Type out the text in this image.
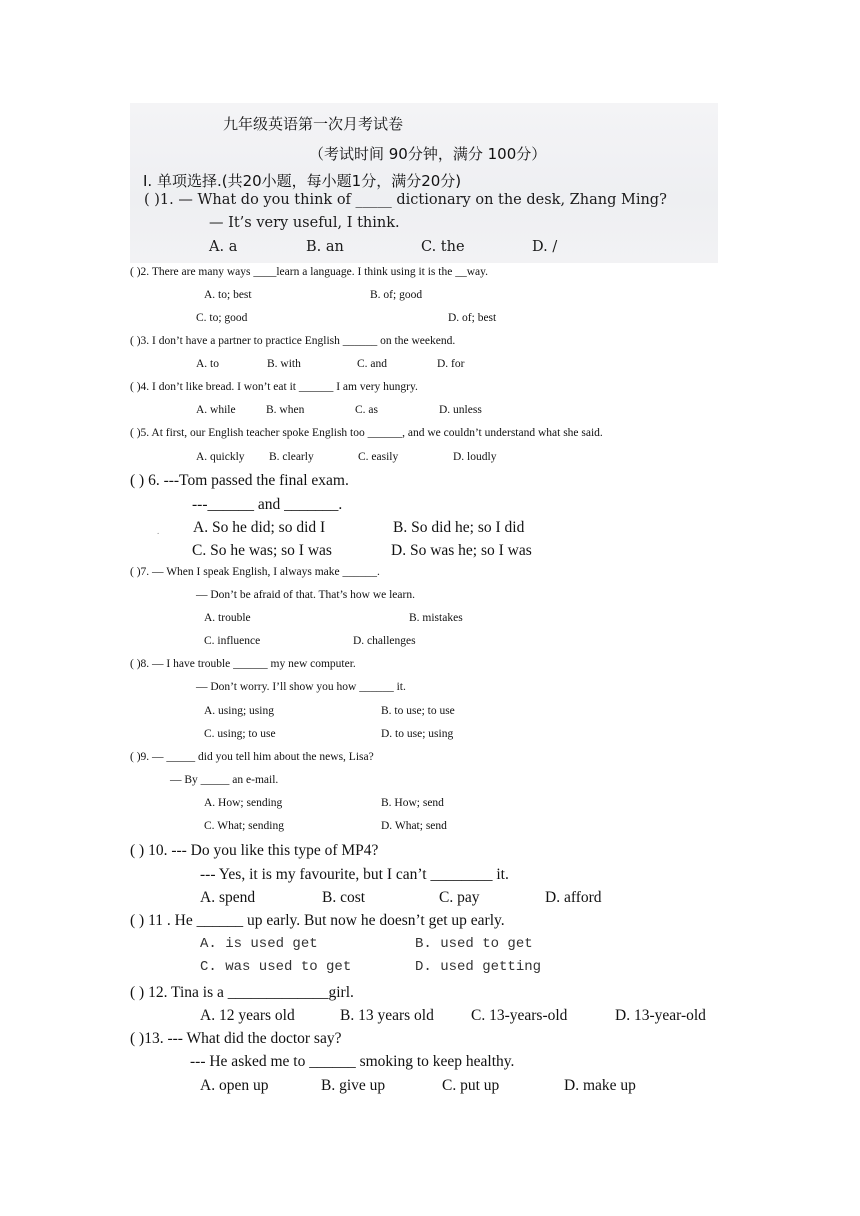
九年级英语第一次月考试卷
（考试时间 90分钟，满分 100分）
I. 单项选择.(共20小题，每小题1分，满分20分)
( )1. — What do you think of _____ dictionary on the desk, Zhang Ming?
— It’s very useful, I think.
A. a	B. an	C. the	D. /
( )2. There are many ways ____learn a language. I think using it is the __way.
A. to; best	B. of; good
C. to; good	D. of; best
( )3. I don’t have a partner to practice English ______ on the weekend.
A. to	B. with	C. and	D. for
( )4. I don’t like bread. I won’t eat it ______ I am very hungry.
A. while	B. when	C. as	D. unless
( )5. At first, our English teacher spoke English too ______, and we couldn’t understand what she said.
A. quickly B. clearly	C. easily	D. loudly
( ) 6. ---Tom passed the final exam.
---______ and _______.
. A. So he did; so did I	B. So did he; so I did
C. So he was; so I was	D. So was he; so I was
( )7. — When I speak English, I always make ______.
— Don’t be afraid of that. That’s how we learn.
A. trouble	B. mistakes
C. influence	D. challenges
( )8. — I have trouble ______ my new computer.
— Don’t worry. I’ll show you how ______ it.
A. using; using	B. to use; to use
C. using; to use	D. to use; using
( )9. — _____ did you tell him about the news, Lisa?
— By _____ an e-mail.
A. How; sending	B. How; send
C. What; sending	D. What; send
( ) 10. --- Do you like this type of MP4?
--- Yes, it is my favourite, but I can’t ________ it.
A. spend	B. cost	C. pay	D. afford
( ) 11 . He ______ up early. But now he doesn’t get up early.
A. is used get	B. used to get
C. was used to get	D. used getting
( ) 12. Tina is a _____________girl.
A. 12 years old	B. 13 years old C. 13-years-old	D. 13-year-old
( )13. --- What did the doctor say?
--- He asked me to ______ smoking to keep healthy.
A. open up	B. give up	C. put up	D. make up
